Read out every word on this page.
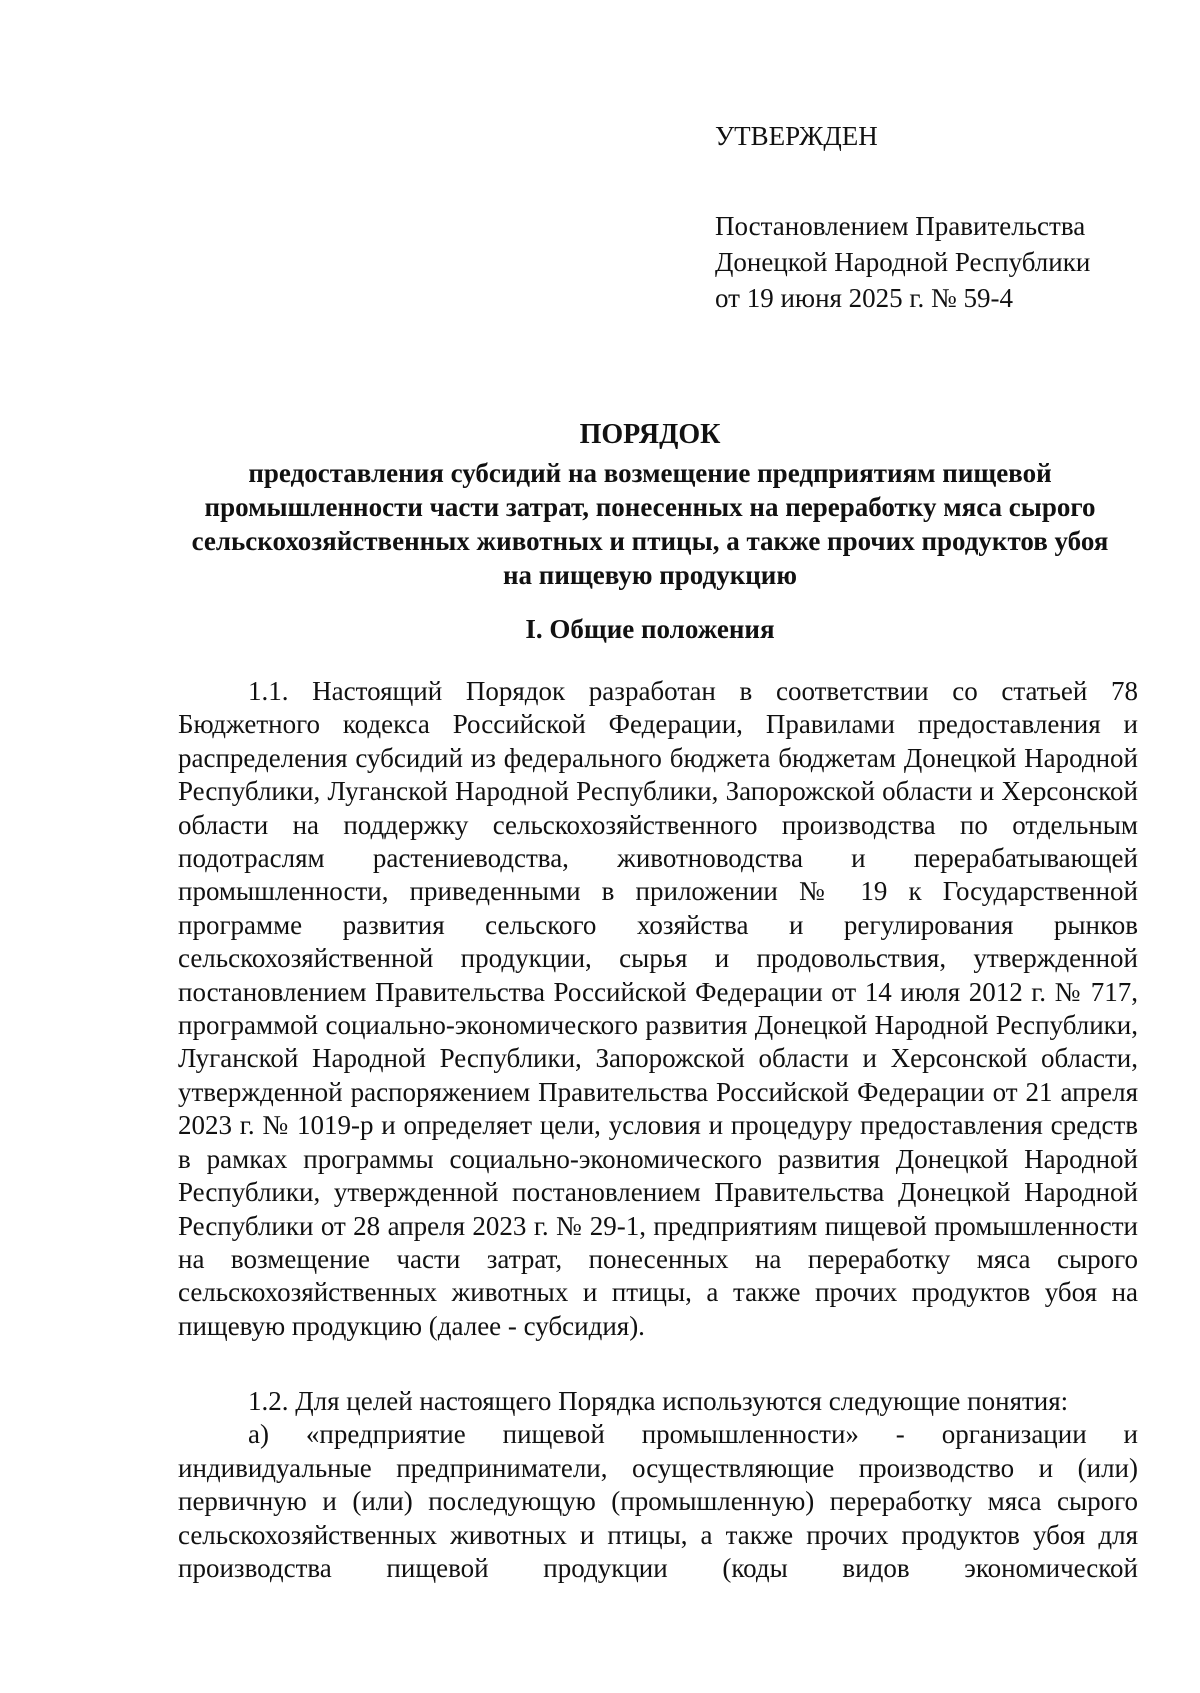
УТВЕРЖДЕН
Постановлением Правительства
Донецкой Народной Республики
от 19 июня 2025 г. № 59-4
ПОРЯДОК
предоставления субсидий на возмещение предприятиям пищевой
промышленности части затрат, понесенных на переработку мяса сырого
сельскохозяйственных животных и птицы, а также прочих продуктов убоя
на пищевую продукцию
I. Общие положения
1.1. Настоящий Порядок разработан в соответствии со статьей 78 Бюджетного кодекса Российской Федерации, Правилами предоставления и распределения субсидий из федерального бюджета бюджетам Донецкой Народной Республики, Луганской Народной Республики, Запорожской области и Херсонской области на поддержку сельскохозяйственного производства по отдельным подотраслям растениеводства, животноводства и перерабатывающей промышленности, приведенными в приложении № 19 к Государственной программе развития сельского хозяйства и регулирования рынков сельскохозяйственной продукции, сырья и продовольствия, утвержденной постановлением Правительства Российской Федерации от 14 июля 2012 г. № 717, программой социально-экономического развития Донецкой Народной Республики, Луганской Народной Республики, Запорожской области и Херсонской области, утвержденной распоряжением Правительства Российской Федерации от 21 апреля 2023 г. № 1019-р и определяет цели, условия и процедуру предоставления средств в рамках программы социально-экономического развития Донецкой Народной Республики, утвержденной постановлением Правительства Донецкой Народной Республики от 28 апреля 2023 г. № 29-1, предприятиям пищевой промышленности на возмещение части затрат, понесенных на переработку мяса сырого сельскохозяйственных животных и птицы, а также прочих продуктов убоя на пищевую продукцию (далее - субсидия).
1.2. Для целей настоящего Порядка используются следующие понятия:
а) «предприятие пищевой промышленности» - организации и индивидуальные предприниматели, осуществляющие производство и (или) первичную и (или) последующую (промышленную) переработку мяса сырого сельскохозяйственных животных и птицы, а также прочих продуктов убоя для производства пищевой продукции (коды видов экономической
